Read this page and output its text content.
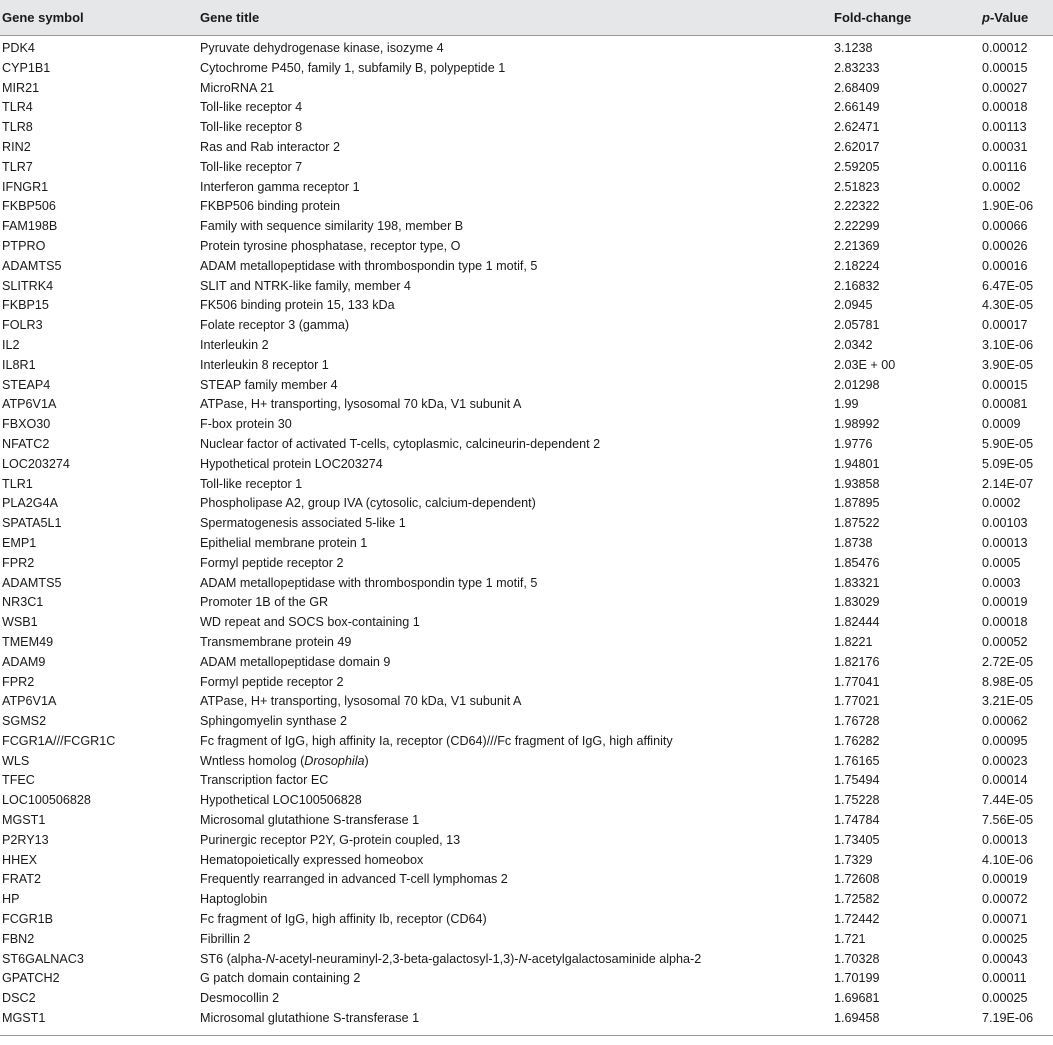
Gene symbol	Gene title	Fold-change	p-Value
PDK4	Pyruvate dehydrogenase kinase, isozyme 4	3.1238	0.00012
CYP1B1	Cytochrome P450, family 1, subfamily B, polypeptide 1	2.83233	0.00015
MIR21	MicroRNA 21	2.68409	0.00027
TLR4	Toll-like receptor 4	2.66149	0.00018
TLR8	Toll-like receptor 8	2.62471	0.00113
RIN2	Ras and Rab interactor 2	2.62017	0.00031
TLR7	Toll-like receptor 7	2.59205	0.00116
IFNGR1	Interferon gamma receptor 1	2.51823	0.0002
FKBP506	FKBP506 binding protein	2.22322	1.90E-06
FAM198B	Family with sequence similarity 198, member B	2.22299	0.00066
PTPRO	Protein tyrosine phosphatase, receptor type, O	2.21369	0.00026
ADAMTS5	ADAM metallopeptidase with thrombospondin type 1 motif, 5	2.18224	0.00016
SLITRK4	SLIT and NTRK-like family, member 4	2.16832	6.47E-05
FKBP15	FK506 binding protein 15, 133 kDa	2.0945	4.30E-05
FOLR3	Folate receptor 3 (gamma)	2.05781	0.00017
IL2	Interleukin 2	2.0342	3.10E-06
IL8R1	Interleukin 8 receptor 1	2.03E + 00	3.90E-05
STEAP4	STEAP family member 4	2.01298	0.00015
ATP6V1A	ATPase, H+ transporting, lysosomal 70 kDa, V1 subunit A	1.99	0.00081
FBXO30	F-box protein 30	1.98992	0.0009
NFATC2	Nuclear factor of activated T-cells, cytoplasmic, calcineurin-dependent 2	1.9776	5.90E-05
LOC203274	Hypothetical protein LOC203274	1.94801	5.09E-05
TLR1	Toll-like receptor 1	1.93858	2.14E-07
PLA2G4A	Phospholipase A2, group IVA (cytosolic, calcium-dependent)	1.87895	0.0002
SPATA5L1	Spermatogenesis associated 5-like 1	1.87522	0.00103
EMP1	Epithelial membrane protein 1	1.8738	0.00013
FPR2	Formyl peptide receptor 2	1.85476	0.0005
ADAMTS5	ADAM metallopeptidase with thrombospondin type 1 motif, 5	1.83321	0.0003
NR3C1	Promoter 1B of the GR	1.83029	0.00019
WSB1	WD repeat and SOCS box-containing 1	1.82444	0.00018
TMEM49	Transmembrane protein 49	1.8221	0.00052
ADAM9	ADAM metallopeptidase domain 9	1.82176	2.72E-05
FPR2	Formyl peptide receptor 2	1.77041	8.98E-05
ATP6V1A	ATPase, H+ transporting, lysosomal 70 kDa, V1 subunit A	1.77021	3.21E-05
SGMS2	Sphingomyelin synthase 2	1.76728	0.00062
FCGR1A///FCGR1C	Fc fragment of IgG, high affinity Ia, receptor (CD64)///Fc fragment of IgG, high affinity	1.76282	0.00095
WLS	Wntless homolog (Drosophila)	1.76165	0.00023
TFEC	Transcription factor EC	1.75494	0.00014
LOC100506828	Hypothetical LOC100506828	1.75228	7.44E-05
MGST1	Microsomal glutathione S-transferase 1	1.74784	7.56E-05
P2RY13	Purinergic receptor P2Y, G-protein coupled, 13	1.73405	0.00013
HHEX	Hematopoietically expressed homeobox	1.7329	4.10E-06
FRAT2	Frequently rearranged in advanced T-cell lymphomas 2	1.72608	0.00019
HP	Haptoglobin	1.72582	0.00072
FCGR1B	Fc fragment of IgG, high affinity Ib, receptor (CD64)	1.72442	0.00071
FBN2	Fibrillin 2	1.721	0.00025
ST6GALNAC3	ST6 (alpha-N-acetyl-neuraminyl-2,3-beta-galactosyl-1,3)-N-acetylgalactosaminide alpha-2	1.70328	0.00043
GPATCH2	G patch domain containing 2	1.70199	0.00011
DSC2	Desmocollin 2	1.69681	0.00025
MGST1	Microsomal glutathione S-transferase 1	1.69458	7.19E-06
